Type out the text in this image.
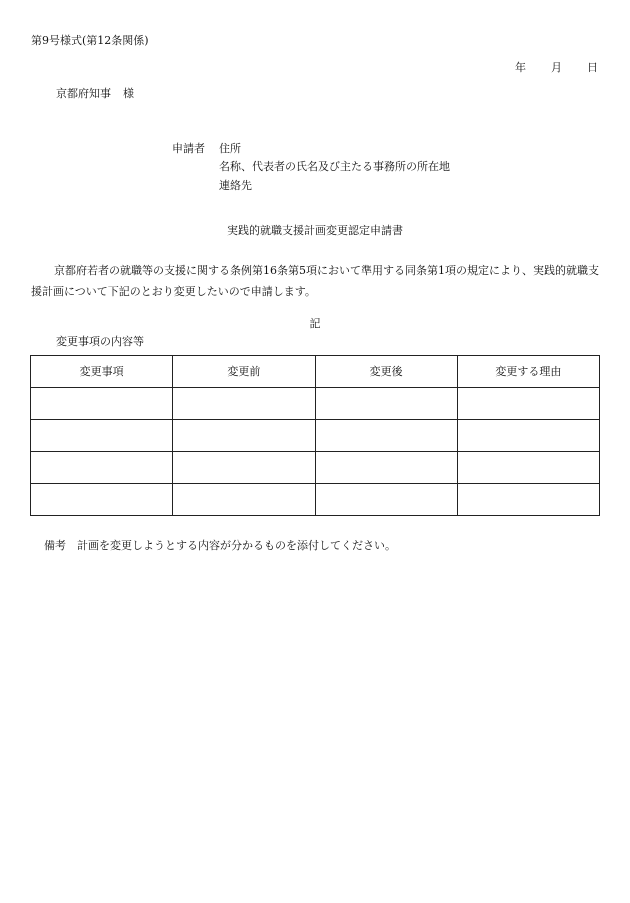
第9号様式(第12条関係)
年 月 日
京都府知事 様
申請者 住所
名称、代表者の氏名及び主たる事務所の所在地
連絡先
実践的就職支援計画変更認定申請書
京都府若者の就職等の支援に関する条例第16条第5項において準用する同条第1項の規定により、実践的就職支援計画について下記のとおり変更したいので申請します。
記
変更事項の内容等
変更事項	変更前	変更後	変更する理由

備考 計画を変更しようとする内容が分かるものを添付してください。
